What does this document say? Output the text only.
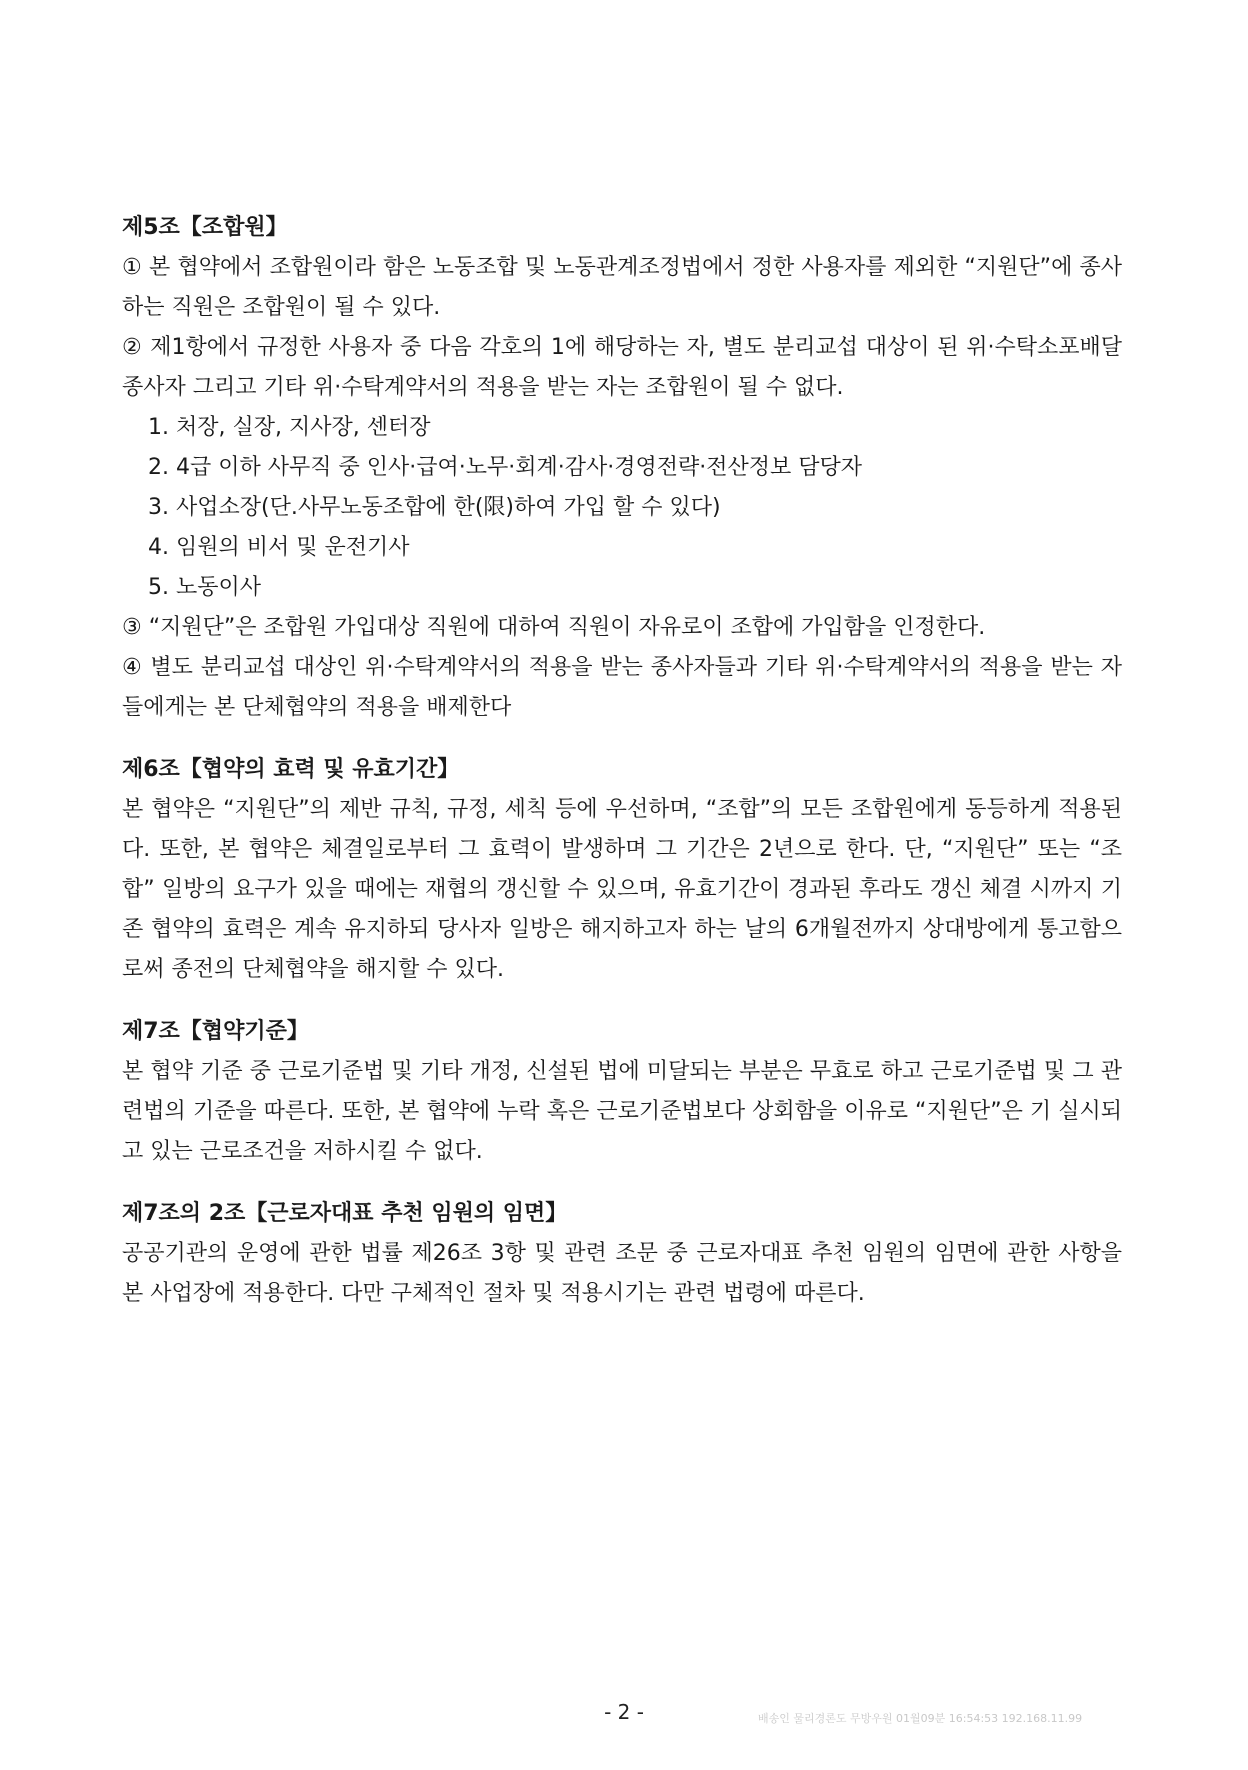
제5조【조합원】

① 본 협약에서 조합원이라 함은 노동조합 및 노동관계조정법에서 정한 사용자를 제외한 “지원단”에 종사하는 직원은 조합원이 될 수 있다.

② 제1항에서 규정한 사용자 중 다음 각호의 1에 해당하는 자, 별도 분리교섭 대상이 된 위·수탁소포배달종사자 그리고 기타 위·수탁계약서의 적용을 받는 자는 조합원이 될 수 없다.

1. 처장, 실장, 지사장, 센터장
2. 4급 이하 사무직 중 인사·급여·노무·회계·감사·경영전략·전산정보 담당자
3. 사업소장(단.사무노동조합에 한(限)하여 가입 할 수 있다)
4. 임원의 비서 및 운전기사
5. 노동이사

③ “지원단”은 조합원 가입대상 직원에 대하여 직원이 자유로이 조합에 가입함을 인정한다.

④ 별도 분리교섭 대상인 위·수탁계약서의 적용을 받는 종사자들과 기타 위·수탁계약서의 적용을 받는 자들에게는 본 단체협약의 적용을 배제한다

제6조【협약의 효력 및 유효기간】

본 협약은 “지원단”의 제반 규칙, 규정, 세칙 등에 우선하며, “조합”의 모든 조합원에게 동등하게 적용된다. 또한, 본 협약은 체결일로부터 그 효력이 발생하며 그 기간은 2년으로 한다. 단, “지원단” 또는 “조합” 일방의 요구가 있을 때에는 재협의 갱신할 수 있으며, 유효기간이 경과된 후라도 갱신 체결 시까지 기존 협약의 효력은 계속 유지하되 당사자 일방은 해지하고자 하는 날의 6개월전까지 상대방에게 통고함으로써 종전의 단체협약을 해지할 수 있다.

제7조【협약기준】

본 협약 기준 중 근로기준법 및 기타 개정, 신설된 법에 미달되는 부분은 무효로 하고 근로기준법 및 그 관련법의 기준을 따른다. 또한, 본 협약에 누락 혹은 근로기준법보다 상회함을 이유로 “지원단”은 기 실시되고 있는 근로조건을 저하시킬 수 없다.

제7조의 2조【근로자대표 추천 임원의 임면】

공공기관의 운영에 관한 법률 제26조 3항 및 관련 조문 중 근로자대표 추천 임원의 임면에 관한 사항을 본 사업장에 적용한다. 다만 구체적인 절차 및 적용시기는 관련 법령에 따른다.

- 2 -	배송인 물리경론도 무방우원 01월09분 16:54:53 192.168.11.99
